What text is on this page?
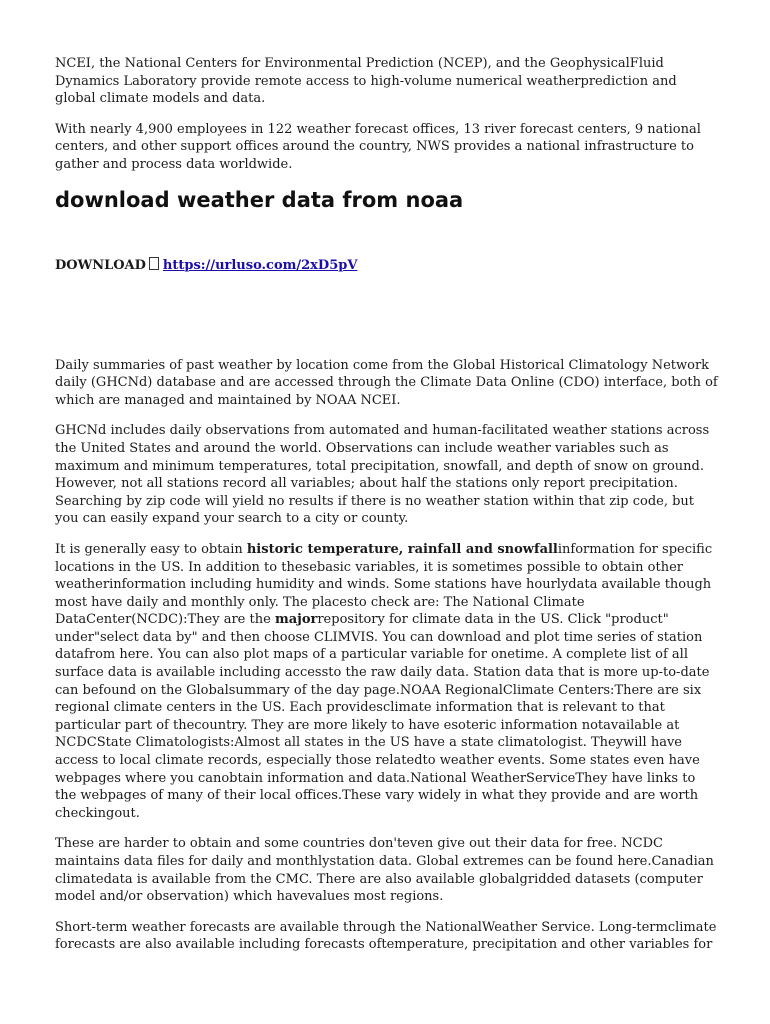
NCEI, the National Centers for Environmental Prediction (NCEP), and the GeophysicalFluid Dynamics Laboratory provide remote access to high-volume numerical weatherprediction and global climate models and data.

With nearly 4,900 employees in 122 weather forecast offices, 13 river forecast centers, 9 national centers, and other support offices around the country, NWS provides a national infrastructure to gather and process data worldwide.

download weather data from noaa
DOWNLOAD https://urluso.com/2xD5pV

Daily summaries of past weather by location come from the Global Historical Climatology Network daily (GHCNd) database and are accessed through the Climate Data Online (CDO) interface, both of which are managed and maintained by NOAA NCEI.

GHCNd includes daily observations from automated and human-facilitated weather stations across the United States and around the world. Observations can include weather variables such as maximum and minimum temperatures, total precipitation, snowfall, and depth of snow on ground. However, not all stations record all variables; about half the stations only report precipitation. Searching by zip code will yield no results if there is no weather station within that zip code, but you can easily expand your search to a city or county.

It is generally easy to obtain historic temperature, rainfall and snowfallinformation for specific locations in the US. In addition to thesebasic variables, it is sometimes possible to obtain other weatherinformation including humidity and winds. Some stations have hourlydata available though most have daily and monthly only. The placesto check are: The National Climate DataCenter(NCDC):They are the majorrepository for climate data in the US. Click "product" under"select data by" and then choose CLIMVIS. You can download and plot time series of station datafrom here. You can also plot maps of a particular variable for onetime. A complete list of all surface data is available including accessto the raw daily data. Station data that is more up-to-date can befound on the Globalsummary of the day page.NOAA RegionalClimate Centers:There are six regional climate centers in the US. Each providesclimate information that is relevant to that particular part of thecountry. They are more likely to have esoteric information notavailable at NCDCState Climatologists:Almost all states in the US have a state climatologist. Theywill have access to local climate records, especially those relatedto weather events. Some states even have webpages where you canobtain information and data.National WeatherServiceThey have links to the webpages of many of their local offices.These vary widely in what they provide and are worth checkingout.

These are harder to obtain and some countries don'teven give out their data for free. NCDC maintains data files for daily and monthlystation data. Global extremes can be found here.Canadian climatedata is available from the CMC. There are also available globalgridded datasets (computer model and/or observation) which havevalues most regions.

Short-term weather forecasts are available through the NationalWeather Service. Long-termclimate forecasts are also available including forecasts oftemperature, precipitation and other variables for
